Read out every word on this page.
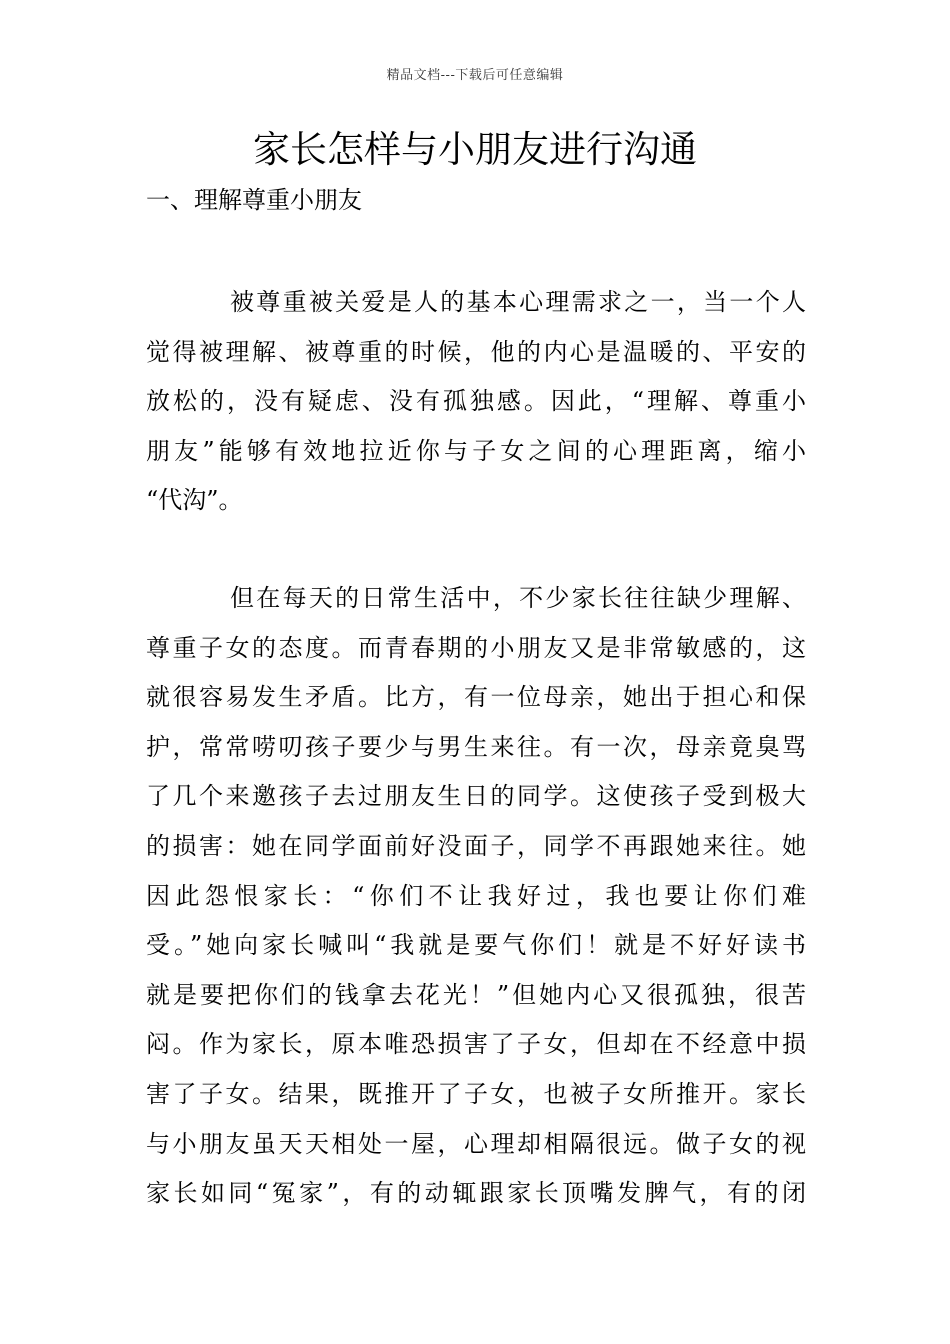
精品文档---下载后可任意编辑
家长怎样与小朋友进行沟通
一、理解尊重小朋友
被尊重被关爱是人的基本心理需求之一，当一个人
觉得被理解、被尊重的时候，他的内心是温暖的、平安的
放松的，没有疑虑、没有孤独感。因此，“理解、尊重小
朋友”能够有效地拉近你与子女之间的心理距离，缩小
“代沟”。
但在每天的日常生活中，不少家长往往缺少理解、
尊重子女的态度。而青春期的小朋友又是非常敏感的，这
就很容易发生矛盾。比方，有一位母亲，她出于担心和保
护，常常唠叨孩子要少与男生来往。有一次，母亲竟臭骂
了几个来邀孩子去过朋友生日的同学。这使孩子受到极大
的损害：她在同学面前好没面子，同学不再跟她来往。她
因此怨恨家长：“你们不让我好过，我也要让你们难
受。”她向家长喊叫“我就是要气你们！就是不好好读书
就是要把你们的钱拿去花光！”但她内心又很孤独，很苦
闷。作为家长，原本唯恐损害了子女，但却在不经意中损
害了子女。结果，既推开了子女，也被子女所推开。家长
与小朋友虽天天相处一屋，心理却相隔很远。做子女的视
家长如同“冤家”，有的动辄跟家长顶嘴发脾气，有的闭
